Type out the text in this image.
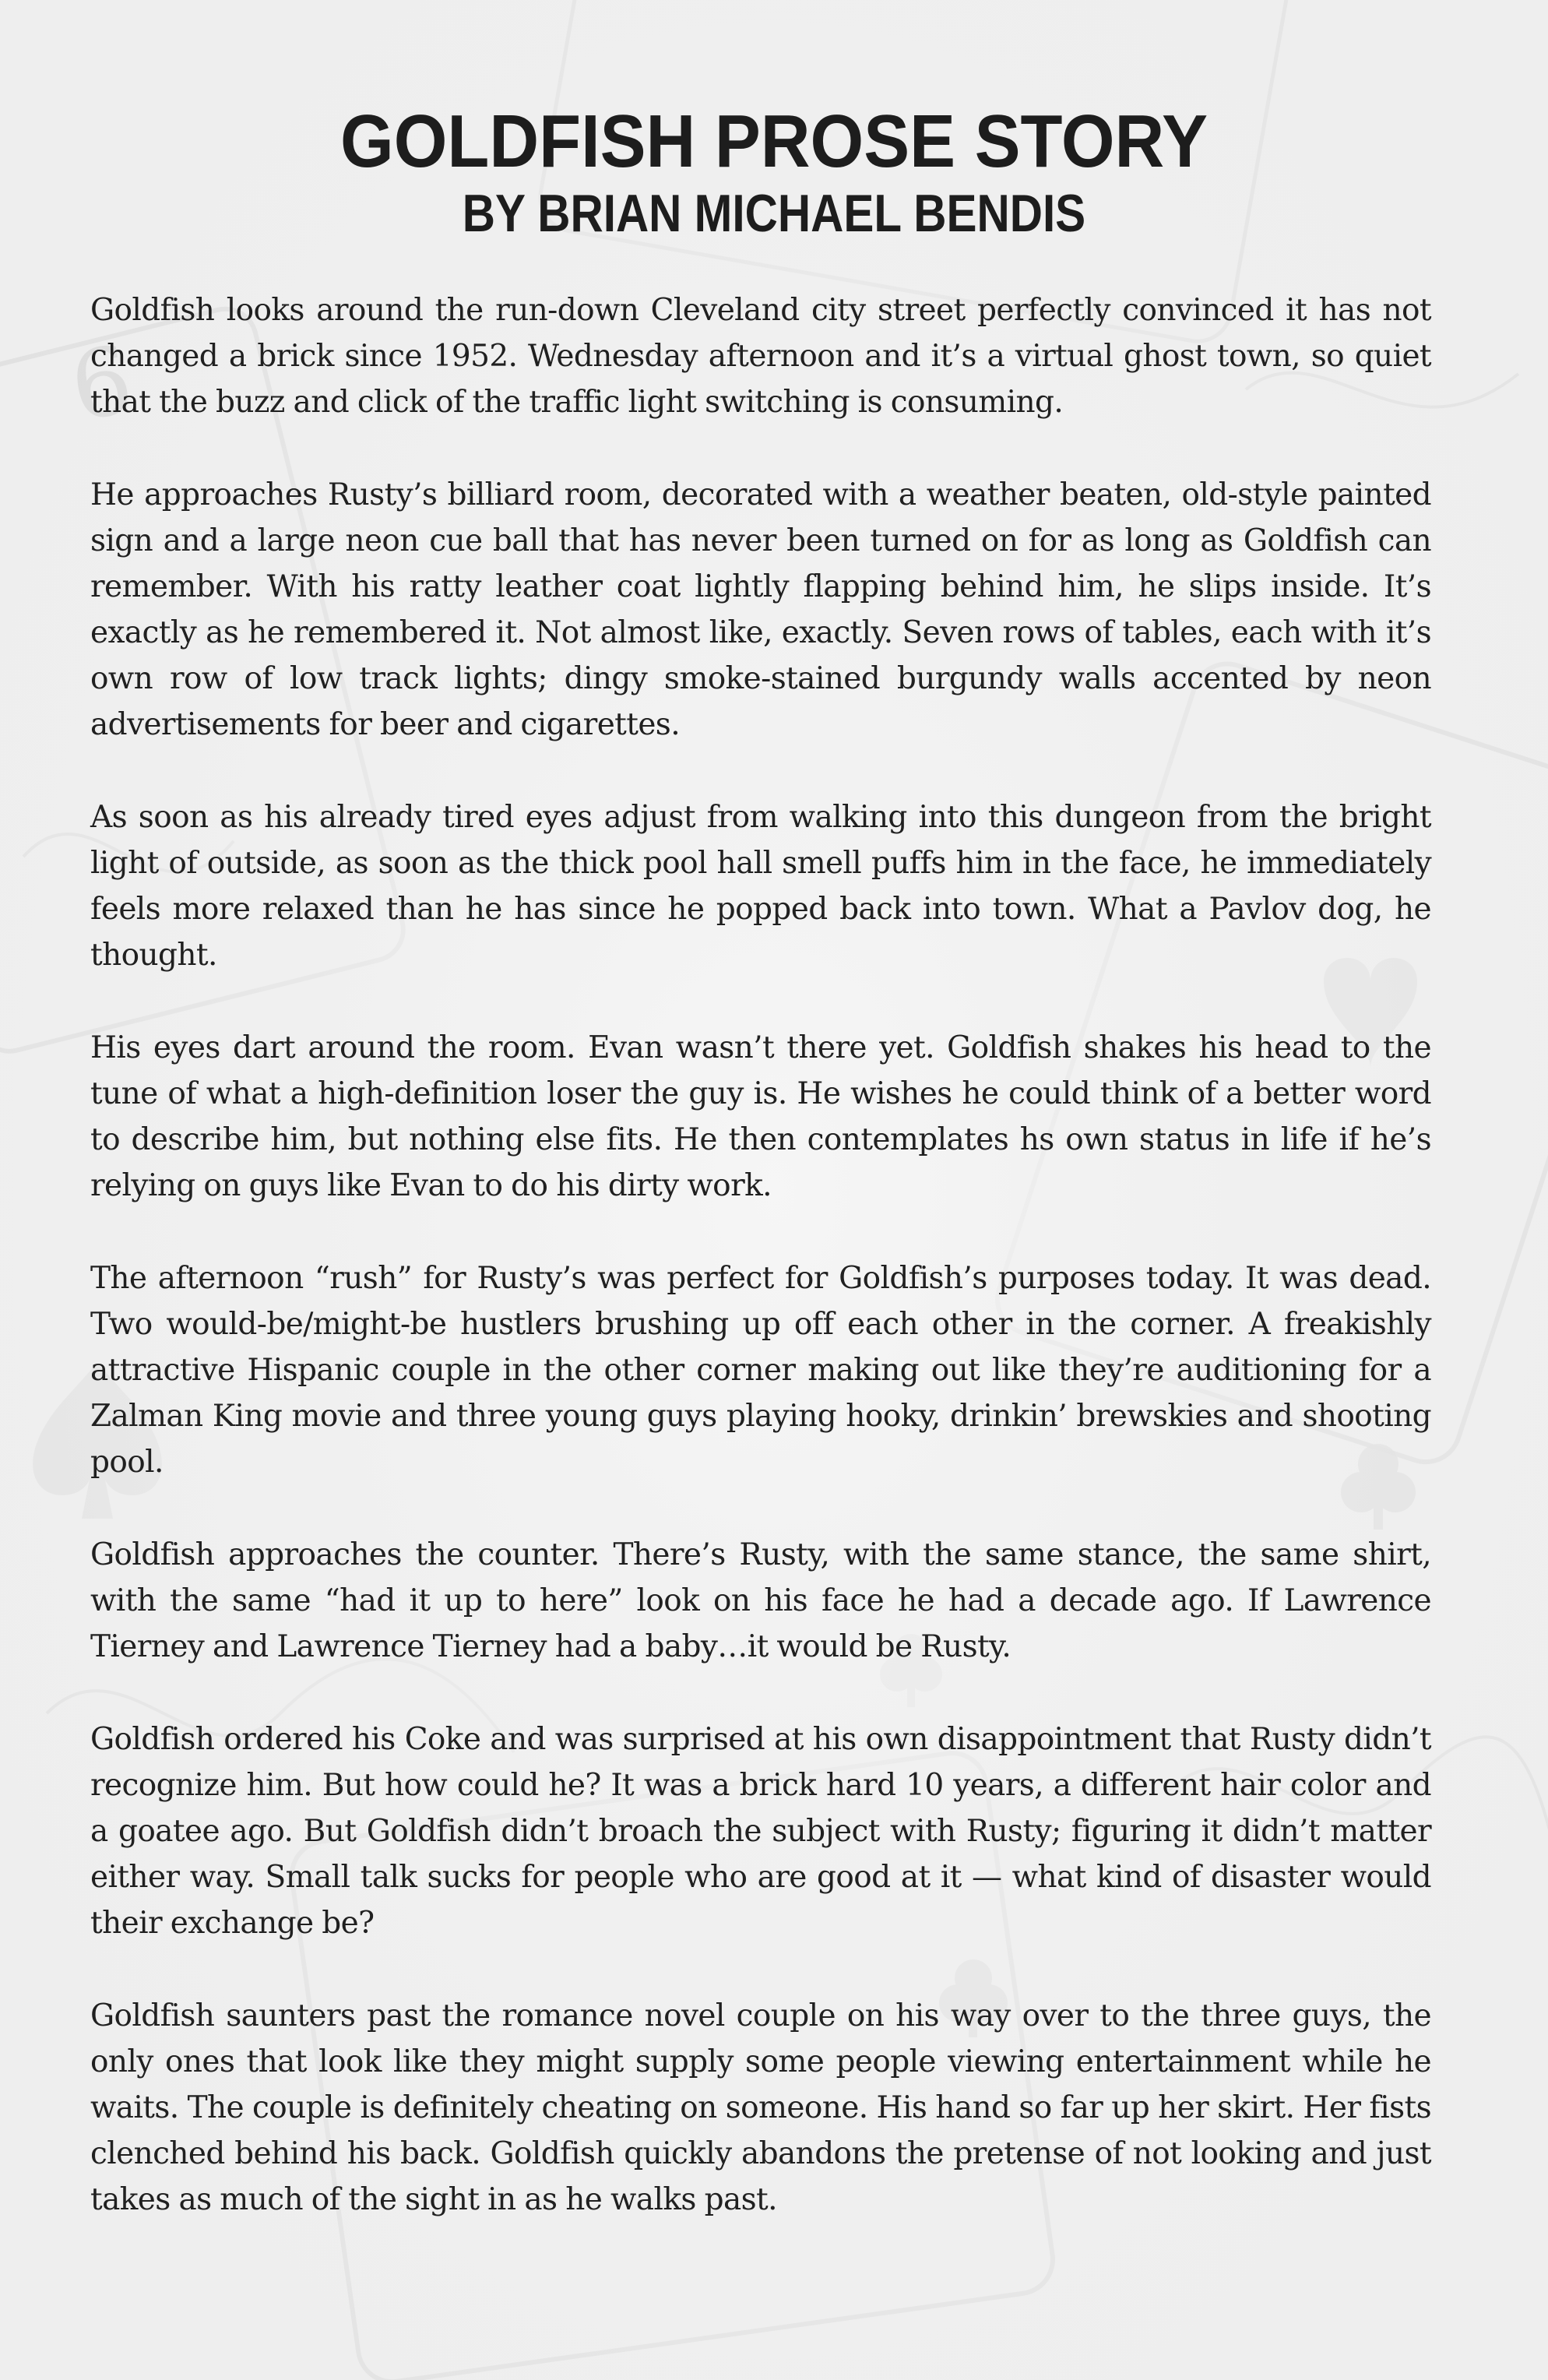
GOLDFISH PROSE STORY
BY BRIAN MICHAEL BENDIS

Goldfish looks around the run-down Cleveland city street perfectly convinced it has not changed a brick since 1952. Wednesday afternoon and it’s a virtual ghost town, so quiet that the buzz and click of the traffic light switching is consuming.

He approaches Rusty’s billiard room, decorated with a weather beaten, old-style painted sign and a large neon cue ball that has never been turned on for as long as Goldfish can remember. With his ratty leather coat lightly flapping behind him, he slips inside. It’s exactly as he remembered it. Not almost like, exactly. Seven rows of tables, each with it’s own row of low track lights; dingy smoke-stained burgundy walls accented by neon advertisements for beer and cigarettes.

As soon as his already tired eyes adjust from walking into this dungeon from the bright light of outside, as soon as the thick pool hall smell puffs him in the face, he immediately feels more relaxed than he has since he popped back into town. What a Pavlov dog, he thought.

His eyes dart around the room. Evan wasn’t there yet. Goldfish shakes his head to the tune of what a high-definition loser the guy is. He wishes he could think of a better word to describe him, but nothing else fits. He then contemplates hs own status in life if he’s relying on guys like Evan to do his dirty work.

The afternoon “rush” for Rusty’s was perfect for Goldfish’s purposes today. It was dead. Two would-be/might-be hustlers brushing up off each other in the corner. A freakishly attractive Hispanic couple in the other corner making out like they’re auditioning for a Zalman King movie and three young guys playing hooky, drinkin’ brewskies and shooting pool.

Goldfish approaches the counter. There’s Rusty, with the same stance, the same shirt, with the same “had it up to here” look on his face he had a decade ago. If Lawrence Tierney and Lawrence Tierney had a baby…it would be Rusty.

Goldfish ordered his Coke and was surprised at his own disappointment that Rusty didn’t recognize him. But how could he? It was a brick hard 10 years, a different hair color and a goatee ago. But Goldfish didn’t broach the subject with Rusty; figuring it didn’t matter either way. Small talk sucks for people who are good at it — what kind of disaster would their exchange be?

Goldfish saunters past the romance novel couple on his way over to the three guys, the only ones that look like they might supply some people viewing entertainment while he waits. The couple is definitely cheating on someone. His hand so far up her skirt. Her fists clenched behind his back. Goldfish quickly abandons the pretense of not looking and just takes as much of the sight in as he walks past.
